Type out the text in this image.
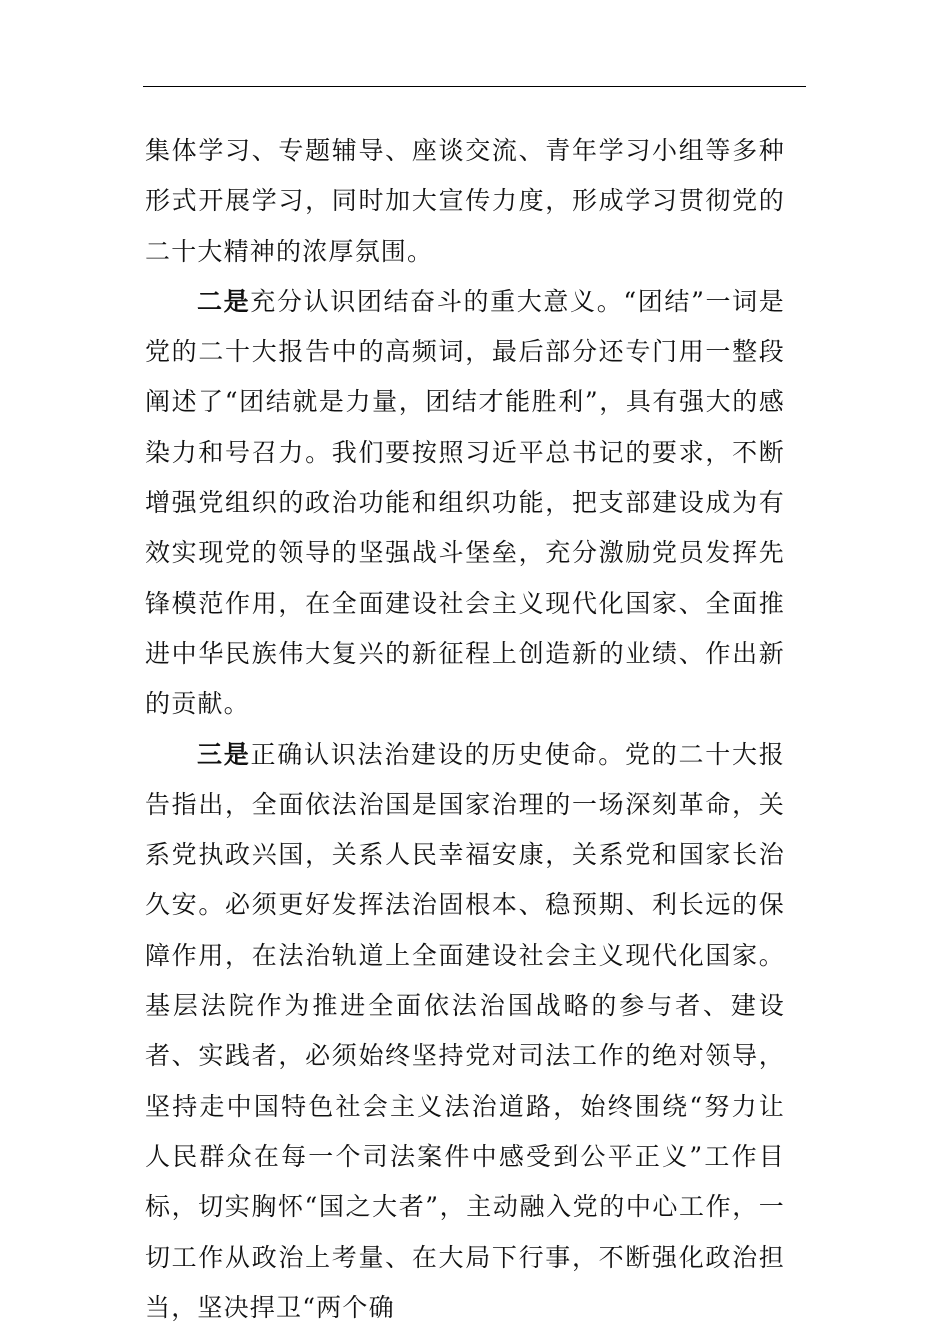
集体学习、专题辅导、座谈交流、青年学习小组等多种形式开展学习，同时加大宣传力度，形成学习贯彻党的二十大精神的浓厚氛围。

二是充分认识团结奋斗的重大意义。“团结”一词是党的二十大报告中的高频词，最后部分还专门用一整段阐述了“团结就是力量，团结才能胜利”，具有强大的感染力和号召力。我们要按照习近平总书记的要求，不断增强党组织的政治功能和组织功能，把支部建设成为有效实现党的领导的坚强战斗堡垒，充分激励党员发挥先锋模范作用，在全面建设社会主义现代化国家、全面推进中华民族伟大复兴的新征程上创造新的业绩、作出新的贡献。

三是正确认识法治建设的历史使命。党的二十大报告指出，全面依法治国是国家治理的一场深刻革命，关系党执政兴国，关系人民幸福安康，关系党和国家长治久安。必须更好发挥法治固根本、稳预期、利长远的保障作用，在法治轨道上全面建设社会主义现代化国家。基层法院作为推进全面依法治国战略的参与者、建设者、实践者，必须始终坚持党对司法工作的绝对领导，坚持走中国特色社会主义法治道路，始终围绕“努力让人民群众在每一个司法案件中感受到公平正义”工作目标，切实胸怀“国之大者”，主动融入党的中心工作，一切工作从政治上考量、在大局下行事，不断强化政治担当，坚决捍卫“两个确
